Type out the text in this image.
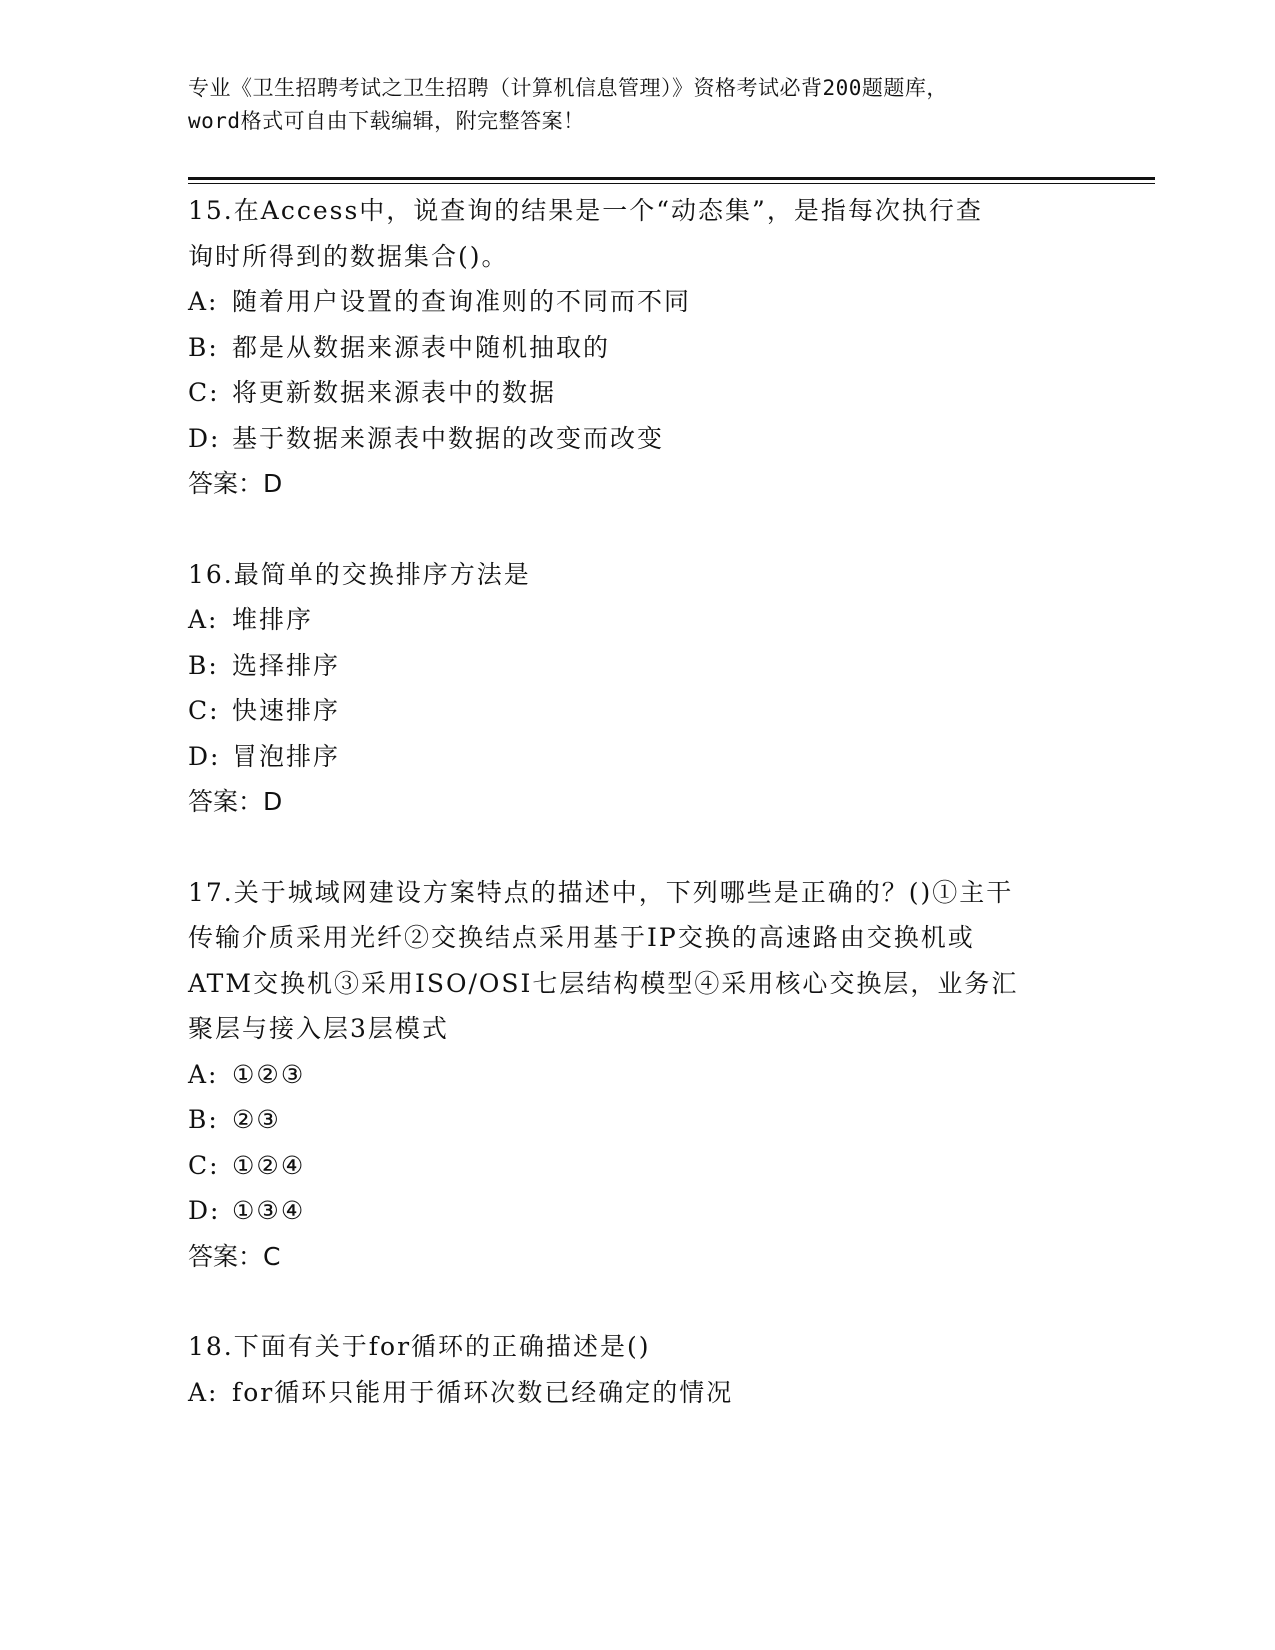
专业《卫生招聘考试之卫生招聘（计算机信息管理）》资格考试必背200题题库，
word格式可自由下载编辑，附完整答案！

15.在Access中，说查询的结果是一个“动态集”，是指每次执行查

询时所得到的数据集合()。

A: 随着用户设置的查询准则的不同而不同

B: 都是从数据来源表中随机抽取的

C: 将更新数据来源表中的数据

D: 基于数据来源表中数据的改变而改变

答案：D

16.最简单的交换排序方法是

A: 堆排序

B: 选择排序

C: 快速排序

D: 冒泡排序

答案：D

17.关于城域网建设方案特点的描述中，下列哪些是正确的？()①主干

传输介质采用光纤②交换结点采用基于IP交换的高速路由交换机或

ATM交换机③采用ISO/OSI七层结构模型④采用核心交换层，业务汇

聚层与接入层3层模式

A: ①②③

B: ②③

C: ①②④

D: ①③④

答案：C

18.下面有关于for循环的正确描述是()

A: for循环只能用于循环次数已经确定的情况
